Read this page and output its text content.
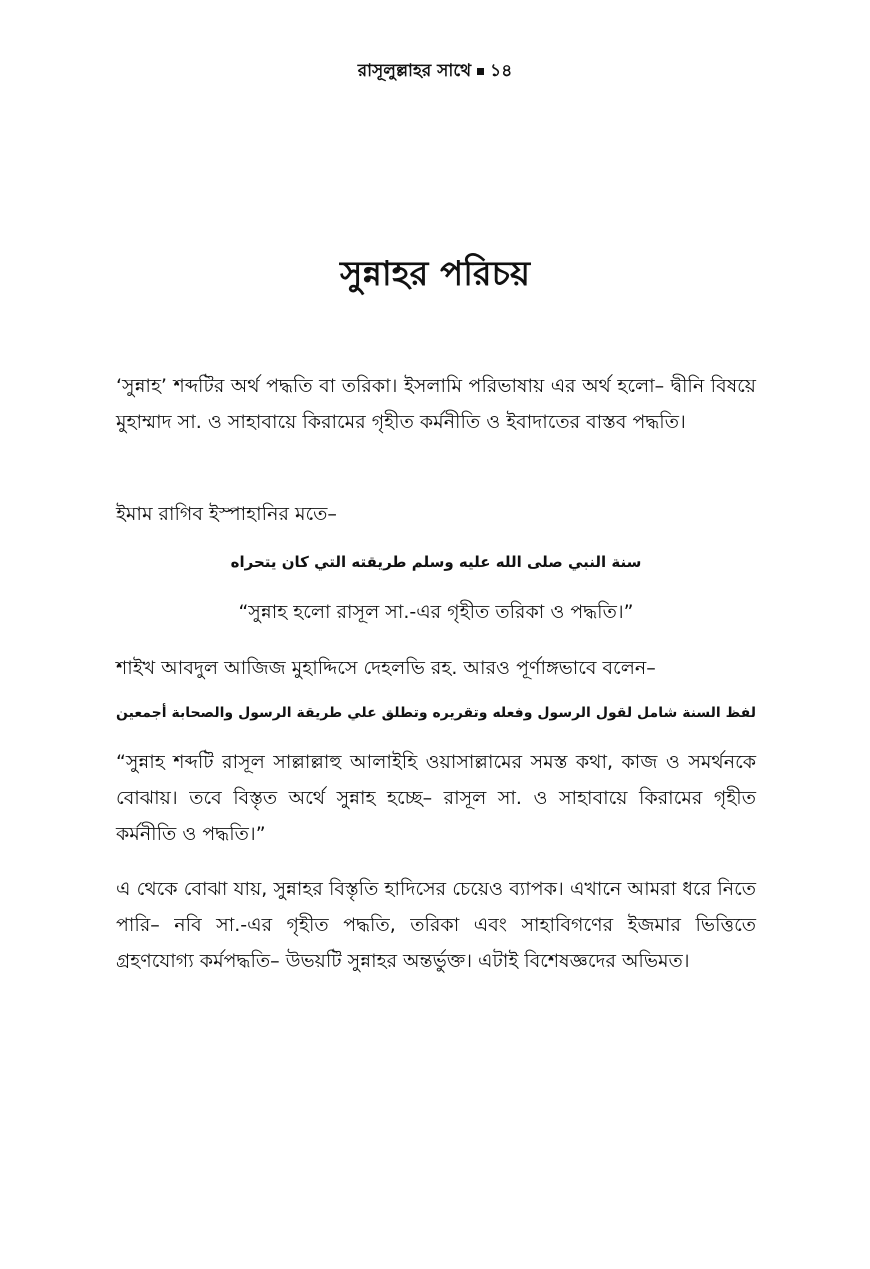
রাসূলুল্লাহর সাথে ১৪
সুন্নাহর পরিচয়

‘সুন্নাহ’ শব্দটির অর্থ পদ্ধতি বা তরিকা। ইসলামি পরিভাষায় এর অর্থ হলো– দ্বীনি বিষয়ে মুহাম্মাদ সা. ও সাহাবায়ে কিরামের গৃহীত কর্মনীতি ও ইবাদাতের বাস্তব পদ্ধতি।

ইমাম রাগিব ইস্পাহানির মতে–

سنة النبي صلى الله عليه وسلم طريقته التي كان يتحراه
“সুন্নাহ হলো রাসূল সা.-এর গৃহীত তরিকা ও পদ্ধতি।”

শাইখ আবদুল আজিজ মুহাদ্দিসে দেহলভি রহ. আরও পূর্ণাঙ্গভাবে বলেন–

لفظ السنة شامل لقول الرسول وفعله وتقريره وتطلق علي طريقة الرسول والصحابة أجمعين

“সুন্নাহ শব্দটি রাসূল সাল্লাল্লাহু আলাইহি ওয়াসাল্লামের সমস্ত কথা, কাজ ও সমর্থনকে বোঝায়। তবে বিস্তৃত অর্থে সুন্নাহ হচ্ছে– রাসূল সা. ও সাহাবায়ে কিরামের গৃহীত কর্মনীতি ও পদ্ধতি।”

এ থেকে বোঝা যায়, সুন্নাহর বিস্তৃতি হাদিসের চেয়েও ব্যাপক। এখানে আমরা ধরে নিতে পারি– নবি সা.-এর গৃহীত পদ্ধতি, তরিকা এবং সাহাবিগণের ইজমার ভিত্তিতে গ্রহণযোগ্য কর্মপদ্ধতি– উভয়টি সুন্নাহর অন্তর্ভুক্ত। এটাই বিশেষজ্ঞদের অভিমত।
